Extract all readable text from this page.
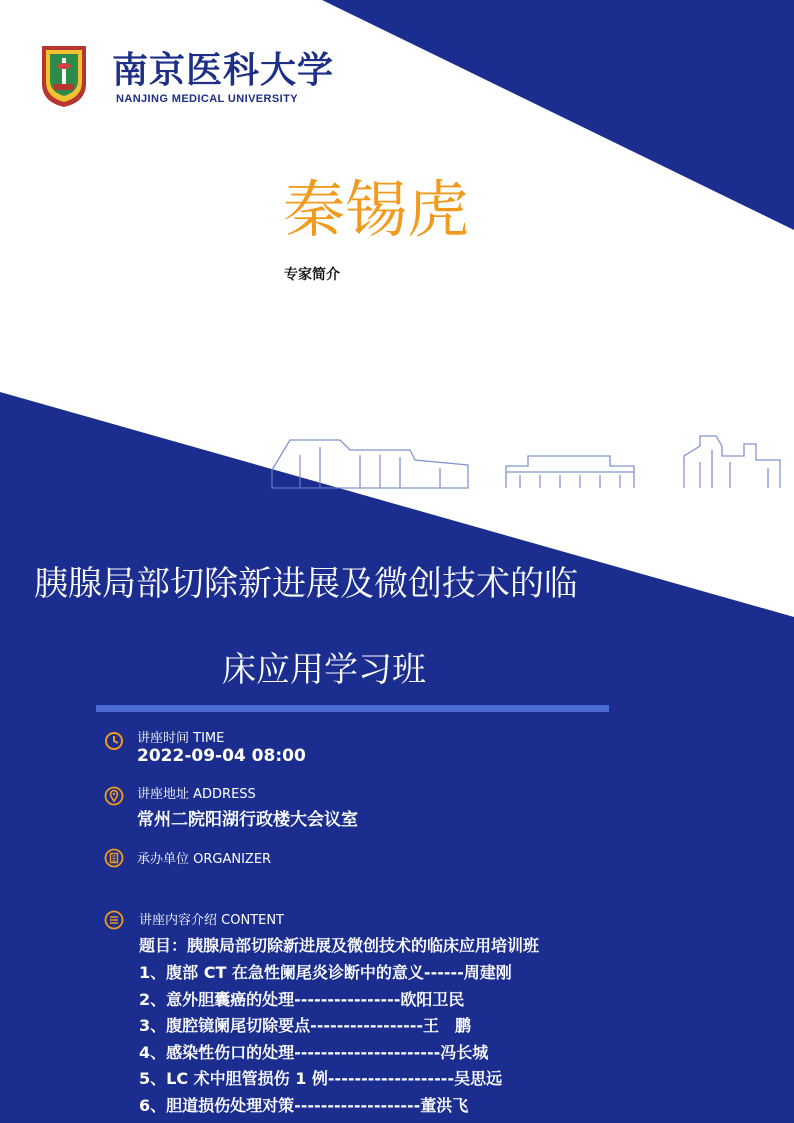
南京医科大学
NANJING MEDICAL UNIVERSITY
秦锡虎
专家简介
胰腺局部切除新进展及微创技术的临
床应用学习班
讲座时间 TIME
2022-09-04 08:00
讲座地址 ADDRESS
常州二院阳湖行政楼大会议室
承办单位 ORGANIZER
讲座内容介绍 CONTENT
题目：胰腺局部切除新进展及微创技术的临床应用培训班
1、腹部 CT 在急性阑尾炎诊断中的意义------周建刚
2、意外胆囊癌的处理----------------欧阳卫民
3、腹腔镜阑尾切除要点-----------------王　鹏
4、感染性伤口的处理----------------------冯长城
5、LC 术中胆管损伤 1 例-------------------吴思远
6、胆道损伤处理对策-------------------董洪飞
